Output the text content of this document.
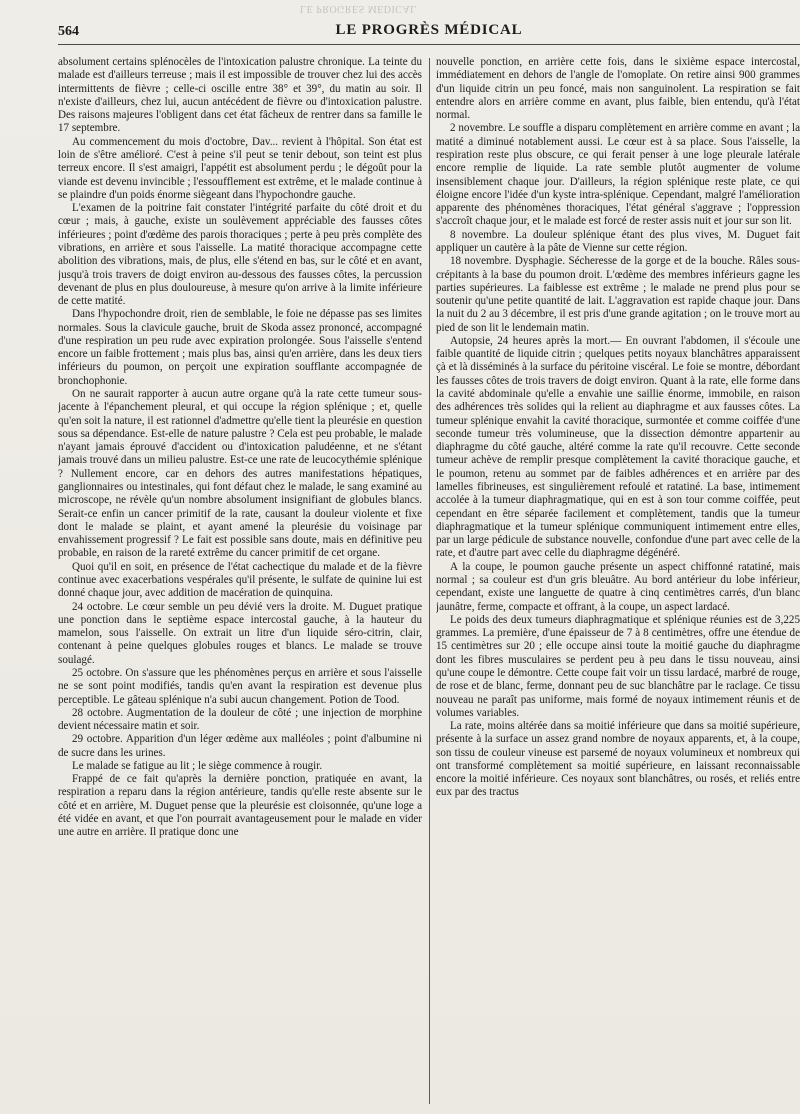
LE PROGRÈS MÉDICAL
564	LE PROGRÈS MÉDICAL

absolument certains splénocèles de l'intoxication palustre chronique. La teinte du malade est d'ailleurs terreuse ; mais il est impossible de trouver chez lui des accès intermittents de fièvre ; celle-ci oscille entre 38° et 39°, du matin au soir. Il n'existe d'ailleurs, chez lui, aucun antécédent de fièvre ou d'intoxication palustre. Des raisons majeures l'obligent dans cet état fâcheux de rentrer dans sa famille le 17 septembre.

Au commencement du mois d'octobre, Dav... revient à l'hôpital. Son état est loin de s'être amélioré. C'est à peine s'il peut se tenir debout, son teint est plus terreux encore. Il s'est amaigri, l'appétit est absolument perdu ; le dégoût pour la viande est devenu invincible ; l'essoufflement est extrême, et le malade continue à se plaindre d'un poids énorme siègeant dans l'hypochondre gauche.

L'examen de la poitrine fait constater l'intégrité parfaite du côté droit et du cœur ; mais, à gauche, existe un soulèvement appréciable des fausses côtes inférieures ; point d'œdème des parois thoraciques ; perte à peu près complète des vibrations, en arrière et sous l'aisselle. La matité thoracique accompagne cette abolition des vibrations, mais, de plus, elle s'étend en bas, sur le côté et en avant, jusqu'à trois travers de doigt environ au-dessous des fausses côtes, la percussion devenant de plus en plus douloureuse, à mesure qu'on arrive à la limite inférieure de cette matité.

Dans l'hypochondre droit, rien de semblable, le foie ne dépasse pas ses limites normales. Sous la clavicule gauche, bruit de Skoda assez prononcé, accompagné d'une respiration un peu rude avec expiration prolongée. Sous l'aisselle s'entend encore un faible frottement ; mais plus bas, ainsi qu'en arrière, dans les deux tiers inférieurs du poumon, on perçoit une expiration soufflante accompagnée de bronchophonie.

On ne saurait rapporter à aucun autre organe qu'à la rate cette tumeur sous-jacente à l'épanchement pleural, et qui occupe la région splénique ; et, quelle qu'en soit la nature, il est rationnel d'admettre qu'elle tient la pleurésie en question sous sa dépendance. Est-elle de nature palustre ? Cela est peu probable, le malade n'ayant jamais éprouvé d'accident ou d'intoxication paludéenne, et ne s'étant jamais trouvé dans un milieu palustre. Est-ce une rate de leucocythémie splénique ? Nullement encore, car en dehors des autres manifestations hépatiques, ganglionnaires ou intestinales, qui font défaut chez le malade, le sang examiné au microscope, ne révèle qu'un nombre absolument insignifiant de globules blancs. Serait-ce enfin un cancer primitif de la rate, causant la douleur violente et fixe dont le malade se plaint, et ayant amené la pleurésie du voisinage par envahissement progressif ? Le fait est possible sans doute, mais en définitive peu probable, en raison de la rareté extrême du cancer primitif de cet organe.

Quoi qu'il en soit, en présence de l'état cachectique du malade et de la fièvre continue avec exacerbations vespérales qu'il présente, le sulfate de quinine lui est donné chaque jour, avec addition de macération de quinquina.

24 octobre. Le cœur semble un peu dévié vers la droite. M. Duguet pratique une ponction dans le septième espace intercostal gauche, à la hauteur du mamelon, sous l'aisselle. On extrait un litre d'un liquide séro-citrin, clair, contenant à peine quelques globules rouges et blancs. Le malade se trouve soulagé.

25 octobre. On s'assure que les phénomènes perçus en arrière et sous l'aisselle ne se sont point modifiés, tandis qu'en avant la respiration est devenue plus perceptible. Le gâteau splénique n'a subi aucun changement. Potion de Tood.

28 octobre. Augmentation de la douleur de côté ; une injection de morphine devient nécessaire matin et soir.

29 octobre. Apparition d'un léger œdème aux malléoles ; point d'albumine ni de sucre dans les urines.

Le malade se fatigue au lit ; le siège commence à rougir.

Frappé de ce fait qu'après la dernière ponction, pratiquée en avant, la respiration a reparu dans la région antérieure, tandis qu'elle reste absente sur le côté et en arrière, M. Duguet pense que la pleurésie est cloisonnée, qu'une loge a été vidée en avant, et que l'on pourrait avantageusement pour le malade en vider une autre en arrière. Il pratique donc une

nouvelle ponction, en arrière cette fois, dans le sixième espace intercostal, immédiatement en dehors de l'angle de l'omoplate. On retire ainsi 900 grammes d'un liquide citrin un peu foncé, mais non sanguinolent. La respiration se fait entendre alors en arrière comme en avant, plus faible, bien entendu, qu'à l'état normal.

2 novembre. Le souffle a disparu complètement en arrière comme en avant ; la matité a diminué notablement aussi. Le cœur est à sa place. Sous l'aisselle, la respiration reste plus obscure, ce qui ferait penser à une loge pleurale latérale encore remplie de liquide. La rate semble plutôt augmenter de volume insensiblement chaque jour. D'ailleurs, la région splénique reste plate, ce qui éloigne encore l'idée d'un kyste intra-splénique. Cependant, malgré l'amélioration apparente des phénomènes thoraciques, l'état général s'aggrave ; l'oppression s'accroît chaque jour, et le malade est forcé de rester assis nuit et jour sur son lit.

8 novembre. La douleur splénique étant des plus vives, M. Duguet fait appliquer un cautère à la pâte de Vienne sur cette région.

18 novembre. Dysphagie. Sécheresse de la gorge et de la bouche. Râles sous-crépitants à la base du poumon droit. L'œdème des membres inférieurs gagne les parties supérieures. La faiblesse est extrême ; le malade ne prend plus pour se soutenir qu'une petite quantité de lait. L'aggravation est rapide chaque jour. Dans la nuit du 2 au 3 décembre, il est pris d'une grande agitation ; on le trouve mort au pied de son lit le lendemain matin.

Autopsie, 24 heures après la mort.— En ouvrant l'abdomen, il s'écoule une faible quantité de liquide citrin ; quelques petits noyaux blanchâtres apparaissent çà et là disséminés à la surface du péritoine viscéral. Le foie se montre, débordant les fausses côtes de trois travers de doigt environ. Quant à la rate, elle forme dans la cavité abdominale qu'elle a envahie une saillie énorme, immobile, en raison des adhérences très solides qui la relient au diaphragme et aux fausses côtes. La tumeur splénique envahit la cavité thoracique, surmontée et comme coiffée d'une seconde tumeur très volumineuse, que la dissection démontre appartenir au diaphragme du côté gauche, altéré comme la rate qu'il recouvre. Cette seconde tumeur achève de remplir presque complètement la cavité thoracique gauche, et le poumon, retenu au sommet par de faibles adhérences et en arrière par des lamelles fibrineuses, est singulièrement refoulé et ratatiné. La base, intimement accolée à la tumeur diaphragmatique, qui en est à son tour comme coiffée, peut cependant en être séparée facilement et complètement, tandis que la tumeur diaphragmatique et la tumeur splénique communiquent intimement entre elles, par un large pédicule de substance nouvelle, confondue d'une part avec celle de la rate, et d'autre part avec celle du diaphragme dégénéré.

A la coupe, le poumon gauche présente un aspect chiffonné ratatiné, mais normal ; sa couleur est d'un gris bleuâtre. Au bord antérieur du lobe inférieur, cependant, existe une languette de quatre à cinq centimètres carrés, d'un blanc jaunâtre, ferme, compacte et offrant, à la coupe, un aspect lardacé.

Le poids des deux tumeurs diaphragmatique et splénique réunies est de 3,225 grammes. La première, d'une épaisseur de 7 à 8 centimètres, offre une étendue de 15 centimètres sur 20 ; elle occupe ainsi toute la moitié gauche du diaphragme dont les fibres musculaires se perdent peu à peu dans le tissu nouveau, ainsi qu'une coupe le démontre. Cette coupe fait voir un tissu lardacé, marbré de rouge, de rose et de blanc, ferme, donnant peu de suc blanchâtre par le raclage. Ce tissu nouveau ne paraît pas uniforme, mais formé de noyaux intimement réunis et de volumes variables.

La rate, moins altérée dans sa moitié inférieure que dans sa moitié supérieure, présente à la surface un assez grand nombre de noyaux apparents, et, à la coupe, son tissu de couleur vineuse est parsemé de noyaux volumineux et nombreux qui ont transformé complètement sa moitié supérieure, en laissant reconnaissable encore la moitié inférieure. Ces noyaux sont blanchâtres, ou rosés, et reliés entre eux par des tractus
